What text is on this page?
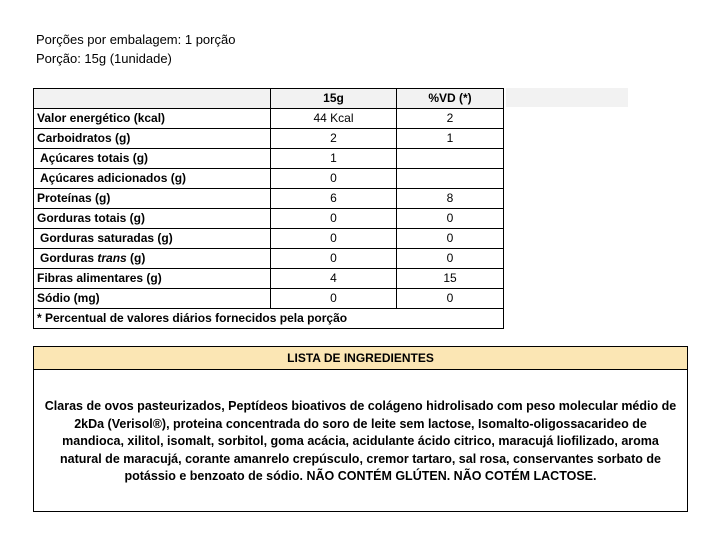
Porções por embalagem: 1 porção
Porção: 15g (1unidade)
	15g	%VD (*)
Valor energético (kcal)	44 Kcal	2
Carboidratos (g)	2	1
Açúcares totais (g)	1	
Açúcares adicionados (g)	0	
Proteínas (g)	6	8
Gorduras totais (g)	0	0
Gorduras saturadas (g)	0	0
Gorduras trans (g)	0	0
Fibras alimentares (g)	4	15
Sódio (mg)	0	0
* Percentual de valores diários fornecidos pela porção		
LISTA DE INGREDIENTES
Claras de ovos pasteurizados, Peptídeos bioativos de colágeno hidrolisado com peso molecular médio de 2kDa (Verisol®), proteina concentrada do soro de leite sem lactose, Isomalto-oligossacarideo de mandioca, xilitol, isomalt, sorbitol, goma acácia, acidulante ácido citrico, maracujá liofilizado, aroma natural de maracujá, corante amanrelo crepúsculo, cremor tartaro, sal rosa, conservantes sorbato de potássio e benzoato de sódio. NÃO CONTÉM GLÚTEN. NÃO COTÉM LACTOSE.
